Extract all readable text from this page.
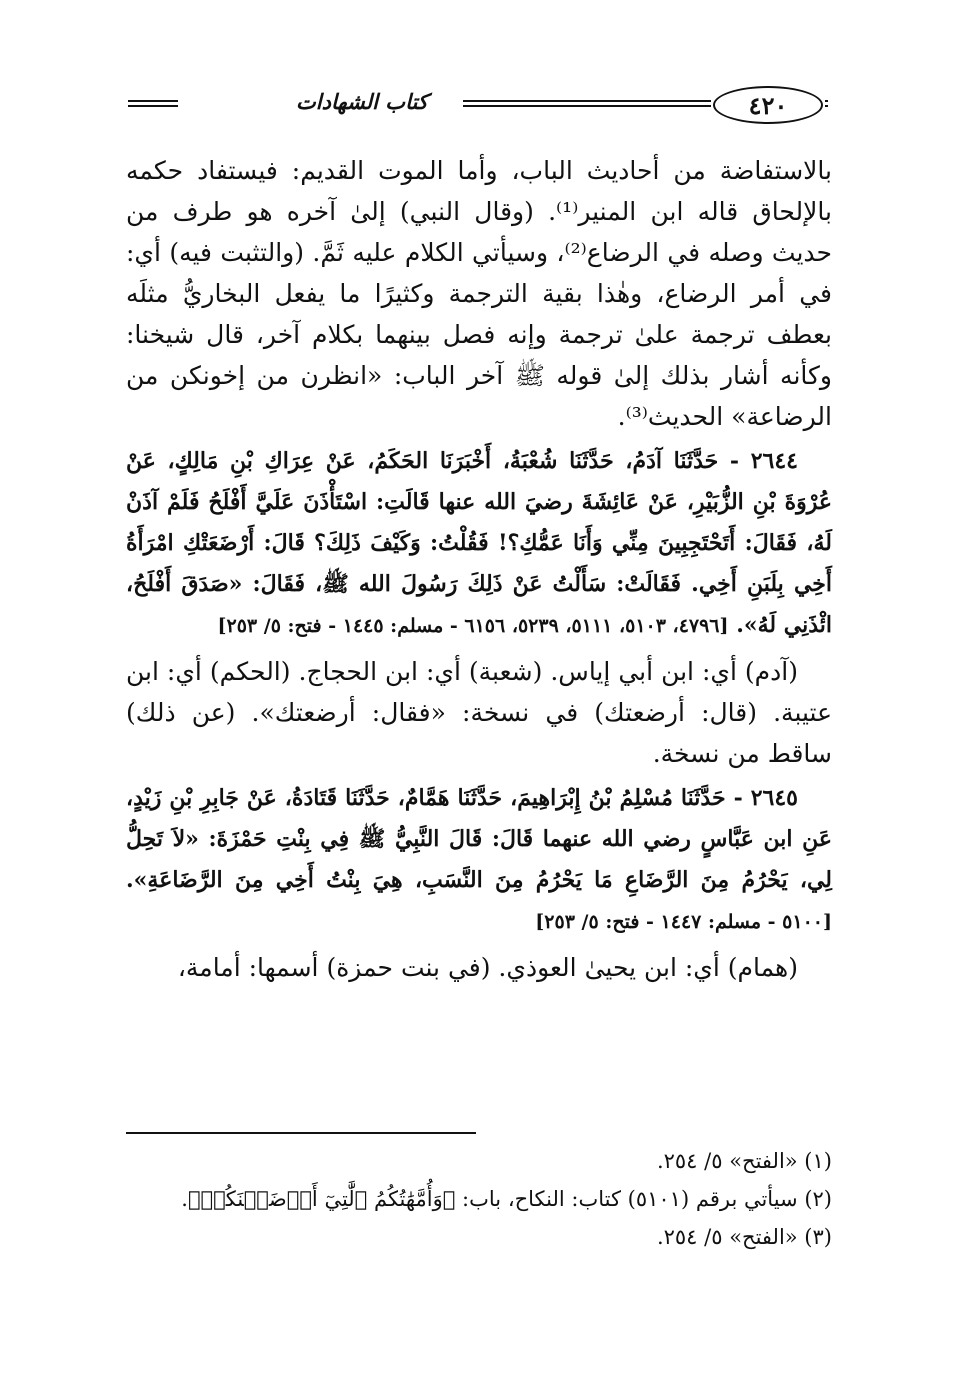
كتاب الشهادات	٤٢٠

بالاستفاضة من أحاديث الباب، وأما الموت القديم: فيستفاد حكمه بالإلحاق قاله ابن المنير⁽¹⁾. (وقال النبي) إلىٰ آخره هو طرف من حديث وصله في الرضاع⁽²⁾، وسيأتي الكلام عليه ثَمَّ. (والتثبت فيه) أي: في أمر الرضاع، وهٰذا بقية الترجمة وكثيرًا ما يفعل البخاريُّ مثلَه بعطف ترجمة علىٰ ترجمة وإنه فصل بينهما بكلام آخر، قال شيخنا: وكأنه أشار بذلك إلىٰ قوله ﷺ آخر الباب: «انظرن من إخونكن من الرضاعة» الحديث⁽³⁾.

٢٦٤٤ - حَدَّثَنَا آدَمُ، حَدَّثَنَا شُعْبَةُ، أَخْبَرَنَا الحَكَمُ، عَنْ عِرَاكِ بْنِ مَالِكٍ، عَنْ عُرْوَةَ بْنِ الزُّبَيْرِ، عَنْ عَائِشَةَ رضيَ الله عنها قَالَتِ: اسْتَأْذَنَ عَلَيَّ أَفْلَحُ فَلَمْ آذَنْ لَهُ، فَقَالَ: أَتَحْتَجِبِينَ مِنِّي وَأَنَا عَمُّكِ؟! فَقُلْتُ: وَكَيْفَ ذَلِكَ؟ قَالَ: أَرْضَعَتْكِ امْرَأَةُ أَخِي بِلَبَنِ أَخِي. فَقَالَتْ: سَأَلْتُ عَنْ ذَلِكَ رَسُولَ الله ﷺ، فَقَالَ: «صَدَقَ أَفْلَحُ، ائْذَنِي لَهُ». [٤٧٩٦، ٥١٠٣، ٥١١١، ٥٢٣٩، ٦١٥٦ - مسلم: ١٤٤٥ - فتح: ٥/ ٢٥٣]

(آدم) أي: ابن أبي إياس. (شعبة) أي: ابن الحجاج. (الحكم) أي: ابن عتيبة. (قال: أرضعتك) في نسخة: «فقال: أرضعتك». (عن ذلك) ساقط من نسخة.

٢٦٤٥ - حَدَّثَنَا مُسْلِمُ بْنُ إِبْرَاهِيمَ، حَدَّثَنَا هَمَّامٌ، حَدَّثَنَا قَتَادَةُ، عَنْ جَابِرِ بْنِ زَيْدٍ، عَنِ ابن عَبَّاسٍ رضي الله عنهما قَالَ: قَالَ النَّبِيُّ ﷺ فِي بِنْتِ حَمْزَةَ: «لاَ تَحِلُّ لِي، يَحْرُمُ مِنَ الرَّضَاعِ مَا يَحْرُمُ مِنَ النَّسَبِ، هِيَ بِنْتُ أَخِي مِنَ الرَّضَاعَةِ». [٥١٠٠ - مسلم: ١٤٤٧ - فتح: ٥/ ٢٥٣]

(همام) أي: ابن يحيىٰ العوذي. (في بنت حمزة) أسمها: أمامة،

(١) «الفتح» ٥/ ٢٥٤.

(٢) سيأتي برقم (٥١٠١) كتاب: النكاح، باب: ﴿وَأُمَّهَٰتُكُمُ ٱلَّٰتِيٓ أَرۡضَعۡنَكُمۡ﴾.

(٣) «الفتح» ٥/ ٢٥٤.
